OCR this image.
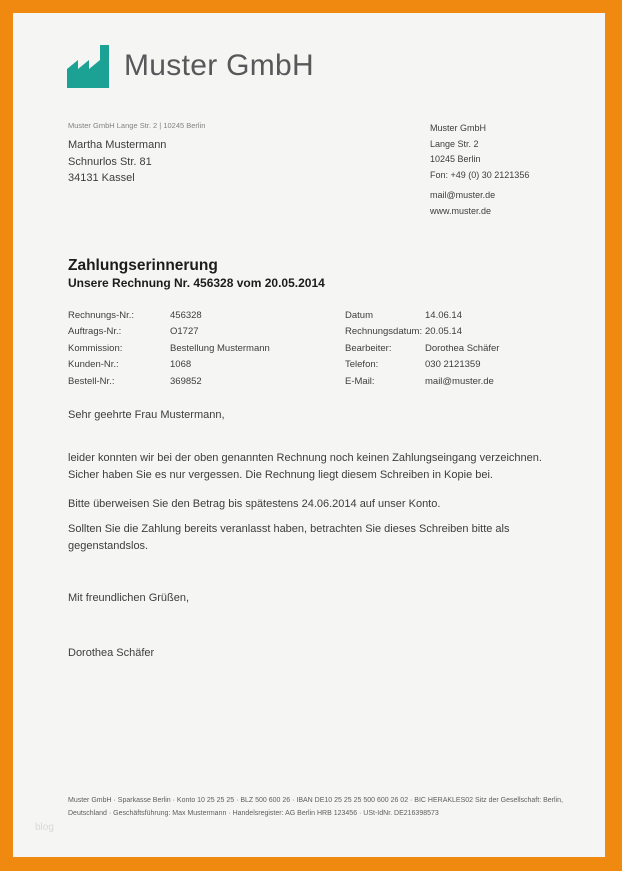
Muster GmbH
Muster GmbH Lange Str. 2 | 10245 Berlin
Martha Mustermann
Schnurlos Str. 81
34131 Kassel
Muster GmbH
Lange Str. 2
10245 Berlin
Fon: +49 (0) 30 2121356
mail@muster.de
www.muster.de
Zahlungserinnerung
Unsere Rechnung Nr. 456328 vom 20.05.2014
Rechnungs-Nr.:	456328	Datum	14.06.14
Auftrags-Nr.:	O1727	Rechnungsdatum: 20.05.14
Kommission:	Bestellung Mustermann	Bearbeiter:	Dorothea Schäfer
Kunden-Nr.:	1068	Telefon:	030 2121359
Bestell-Nr.:	369852	E-Mail:	mail@muster.de
Sehr geehrte Frau Mustermann,
leider konnten wir bei der oben genannten Rechnung noch keinen Zahlungseingang verzeichnen. Sicher haben Sie es nur vergessen. Die Rechnung liegt diesem Schreiben in Kopie bei.
Bitte überweisen Sie den Betrag bis spätestens 24.06.2014 auf unser Konto.
Sollten Sie die Zahlung bereits veranlasst haben, betrachten Sie dieses Schreiben bitte als gegenstandslos.
Mit freundlichen Grüßen,
Dorothea Schäfer
Muster GmbH · Sparkasse Berlin · Konto 10 25 25 25 · BLZ 500 600 26 · IBAN DE10 25 25 25 500 600 26 02 · BIC HERAKLES02 Sitz der Gesellschaft: Berlin,
Deutschland · Geschäftsführung: Max Mustermann · Handelsregister: AG Berlin HRB 123456 · USt-IdNr. DE216398573
blog
